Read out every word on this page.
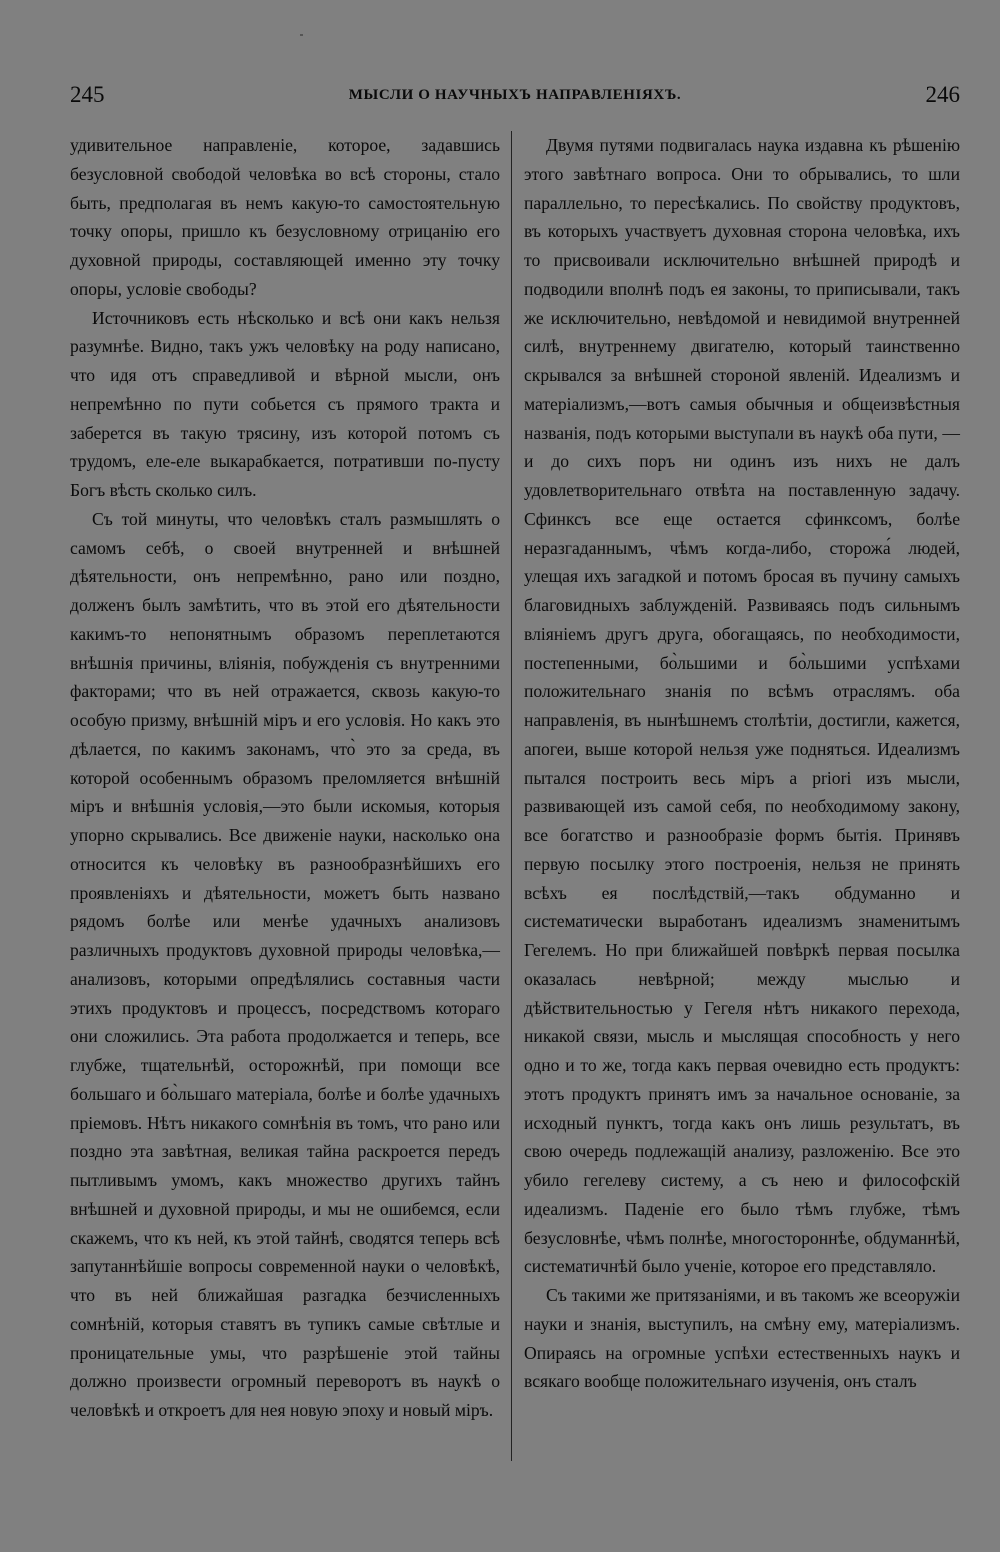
245	МЫСЛИ О НАУЧНЫХЪ НАПРАВЛЕНІЯХЪ.	246

удивительное направленіе, которое, задавшись безусловной свободой человѣка во всѣ стороны, стало быть, предполагая въ немъ какую-то самостоятельную точку опоры, пришло къ безусловному отрицанію его духовной природы, составляющей именно эту точку опоры, условіе свободы?

Источниковъ есть нѣсколько и всѣ они какъ нельзя разумнѣе. Видно, такъ ужъ человѣку на роду написано, что идя отъ справедливой и вѣрной мысли, онъ непремѣнно по пути собьется съ прямого тракта и заберется въ такую трясину, изъ которой потомъ съ трудомъ, еле-еле выкарабкается, потративши по-пусту Богъ вѣсть сколько силъ.

Съ той минуты, что человѣкъ сталъ размышлять о самомъ себѣ, о своей внутренней и внѣшней дѣятельности, онъ непремѣнно, рано или поздно, долженъ былъ замѣтить, что въ этой его дѣятельности какимъ-то непонятнымъ образомъ переплетаются внѣшнія причины, вліянія, побужденія съ внутренними факторами; что въ ней отражается, сквозь какую-то особую призму, внѣшній міръ и его условія. Но какъ это дѣлается, по какимъ законамъ, что̀ это за среда, въ которой особеннымъ образомъ преломляется внѣшній міръ и внѣшнія условія,—это были искомыя, которыя упорно скрывались. Все движеніе науки, насколько она относится къ человѣку въ разнообразнѣйшихъ его проявленіяхъ и дѣятельности, можетъ быть названо рядомъ болѣе или менѣе удачныхъ анализовъ различныхъ продуктовъ духовной природы человѣка,—анализовъ, которыми опредѣлялись составныя части этихъ продуктовъ и процессъ, посредствомъ котораго они сложились. Эта работа продолжается и теперь, все глубже, тщательнѣй, осторожнѣй, при помощи все большаго и бо̀льшаго матеріала, болѣе и болѣе удачныхъ пріемовъ. Нѣтъ никакого сомнѣнія въ томъ, что рано или поздно эта завѣтная, великая тайна раскроется передъ пытливымъ умомъ, какъ множество другихъ тайнъ внѣшней и духовной природы, и мы не ошибемся, если скажемъ, что къ ней, къ этой тайнѣ, сводятся теперь всѣ запутаннѣйшіе вопросы современной науки о человѣкѣ, что въ ней ближайшая разгадка безчисленныхъ сомнѣній, которыя ставятъ въ тупикъ самые свѣтлые и проницательные умы, что разрѣшеніе этой тайны должно произвести огромный переворотъ въ наукѣ о человѣкѣ и откроетъ для нея новую эпоху и новый міръ.

Двумя путями подвигалась наука издавна къ рѣшенію этого завѣтнаго вопроса. Они то обрывались, то шли параллельно, то пересѣкались. По свойству продуктовъ, въ которыхъ участвуетъ духовная сторона человѣка, ихъ то присвоивали исключительно внѣшней природѣ и подводили вполнѣ подъ ея законы, то приписывали, такъ же исключительно, невѣдомой и невидимой внутренней силѣ, внутреннему двигателю, который таинственно скрывался за внѣшней стороной явленій. Идеализмъ и матеріализмъ,—вотъ самыя обычныя и общеизвѣстныя названія, подъ которыми выступали въ наукѣ оба пути, — и до сихъ поръ ни одинъ изъ нихъ не далъ удовлетворительнаго отвѣта на поставленную задачу. Сфинксъ все еще остается сфинксомъ, болѣе неразгаданнымъ, чѣмъ когда-либо, сторожа́ людей, улещая ихъ загадкой и потомъ бросая въ пучину самыхъ благовидныхъ заблужденій. Развиваясь подъ сильнымъ вліяніемъ другъ друга, обогащаясь, по необходимости, постепенными, бо̀льшими и бо̀льшими успѣхами положительнаго знанія по всѣмъ отраслямъ. оба направленія, въ нынѣшнемъ столѣтіи, достигли, кажется, апогеи, выше которой нельзя уже подняться. Идеализмъ пытался построить весь міръ a priori изъ мысли, развивающей изъ самой себя, по необходимому закону, все богатство и разнообразіе формъ бытія. Принявъ первую посылку этого построенія, нельзя не принять всѣхъ ея послѣдствій,—такъ обдуманно и систематически выработанъ идеализмъ знаменитымъ Гегелемъ. Но при ближайшей повѣркѣ первая посылка оказалась невѣрной; между мыслью и дѣйствительностью у Гегеля нѣтъ никакого перехода, никакой связи, мысль и мыслящая способность у него одно и то же, тогда какъ первая очевидно есть продуктъ: этотъ продуктъ принятъ имъ за начальное основаніе, за исходный пунктъ, тогда какъ онъ лишь результатъ, въ свою очередь подлежащій анализу, разложенію. Все это убило гегелеву систему, а съ нею и философскій идеализмъ. Паденіе его было тѣмъ глубже, тѣмъ безусловнѣе, чѣмъ полнѣе, многостороннѣе, обдуманнѣй, систематичнѣй было ученіе, которое его представляло.

Съ такими же притязаніями, и въ такомъ же всеоружіи науки и знанія, выступилъ, на смѣну ему, матеріализмъ. Опираясь на огромные успѣхи естественныхъ наукъ и всякаго вообще положительнаго изученія, онъ сталъ
